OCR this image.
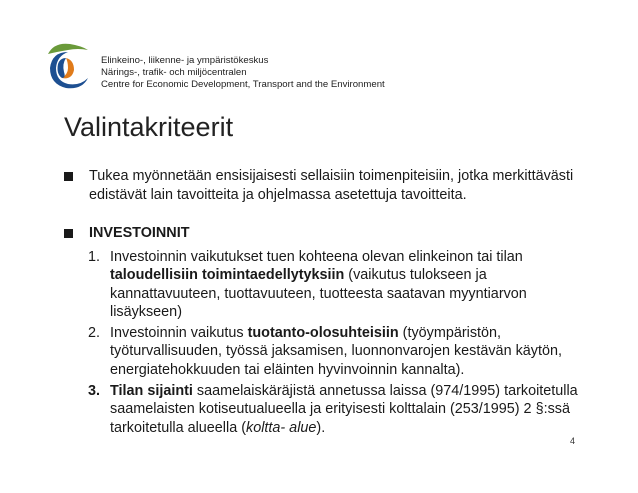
Elinkeino-, liikenne- ja ympäristökeskus
Närings-, trafik- och miljöcentralen
Centre for Economic Development, Transport and the Environment
Valintakriteerit
Tukea myönnetään ensisijaisesti sellaisiin toimenpiteisiin, jotka merkittävästi edistävät lain tavoitteita ja ohjelmassa asetettuja tavoitteita.
INVESTOINNIT
1. Investoinnin vaikutukset tuen kohteena olevan elinkeinon tai tilan taloudellisiin toimintaedellytyksiin (vaikutus tulokseen ja kannattavuuteen, tuottavuuteen, tuotteesta saatavan myyntiarvon lisäykseen)
2. Investoinnin vaikutus tuotanto-olosuhteisiin (työympäristön, työturvallisuuden, työssä jaksamisen, luonnonvarojen kestävän käytön, energiatehokkuuden tai eläinten hyvinvoinnin kannalta).
3. Tilan sijainti saamelaiskäräjistä annetussa laissa (974/1995) tarkoitetulla saamelaisten kotiseutualueella ja erityisesti kolttalain (253/1995) 2 §:ssä tarkoitetulla alueella (koltta- alue).
4
